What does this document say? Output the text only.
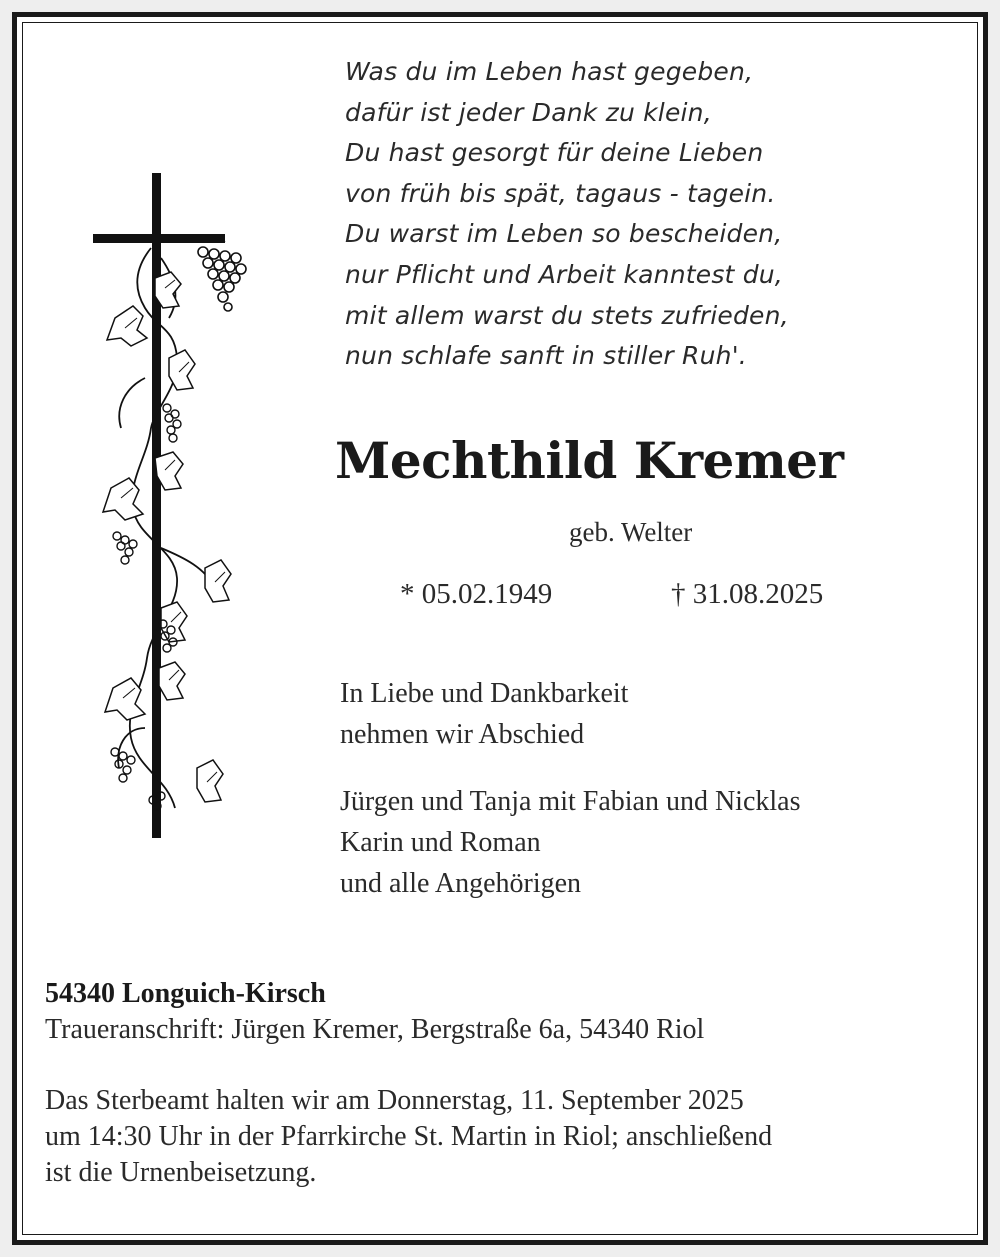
Was du im Leben hast gegeben,
dafür ist jeder Dank zu klein,
Du hast gesorgt für deine Lieben
von früh bis spät, tagaus - tagein.
Du warst im Leben so bescheiden,
nur Pflicht und Arbeit kanntest du,
mit allem warst du stets zufrieden,
nun schlafe sanft in stiller Ruh'.
Mechthild Kremer
geb. Welter
* 05.02.1949	† 31.08.2025
In Liebe und Dankbarkeit
nehmen wir Abschied
Jürgen und Tanja mit Fabian und Nicklas
Karin und Roman
und alle Angehörigen
54340 Longuich-Kirsch
Traueranschrift: Jürgen Kremer, Bergstraße 6a, 54340 Riol
Das Sterbeamt halten wir am Donnerstag, 11. September 2025
um 14:30 Uhr in der Pfarrkirche St. Martin in Riol; anschließend
ist die Urnenbeisetzung.
